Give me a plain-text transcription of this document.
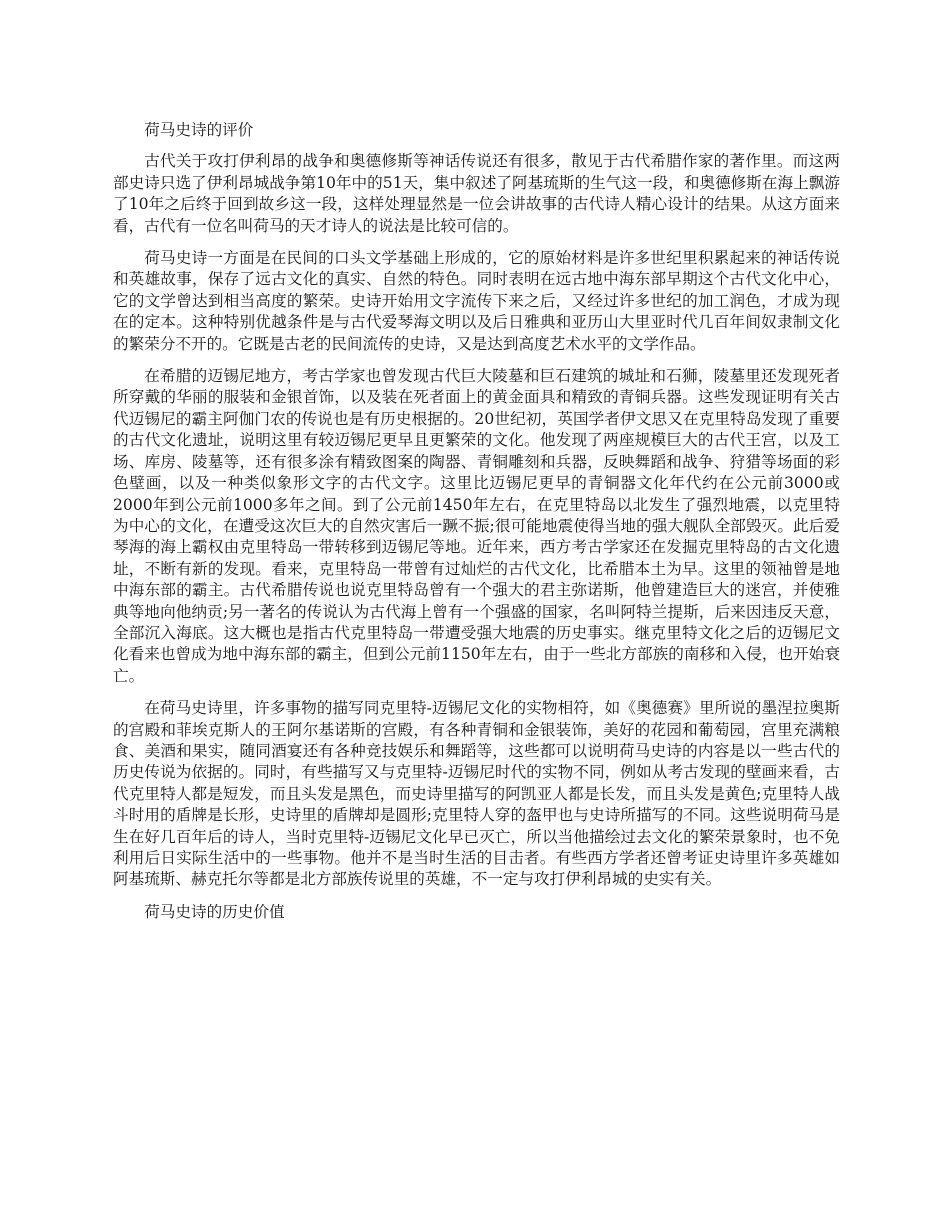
荷马史诗的评价

古代关于攻打伊利昂的战争和奥德修斯等神话传说还有很多，散见于古代希腊作家的著作里。而这两部史诗只选了伊利昂城战争第10年中的51天，集中叙述了阿基琉斯的生气这一段，和奥德修斯在海上飘游了10年之后终于回到故乡这一段，这样处理显然是一位会讲故事的古代诗人精心设计的结果。从这方面来看，古代有一位名叫荷马的天才诗人的说法是比较可信的。

荷马史诗一方面是在民间的口头文学基础上形成的，它的原始材料是许多世纪里积累起来的神话传说和英雄故事，保存了远古文化的真实、自然的特色。同时表明在远古地中海东部早期这个古代文化中心，它的文学曾达到相当高度的繁荣。史诗开始用文字流传下来之后，又经过许多世纪的加工润色，才成为现在的定本。这种特别优越条件是与古代爱琴海文明以及后日雅典和亚历山大里亚时代几百年间奴隶制文化的繁荣分不开的。它既是古老的民间流传的史诗，又是达到高度艺术水平的文学作品。

在希腊的迈锡尼地方，考古学家也曾发现古代巨大陵墓和巨石建筑的城址和石狮，陵墓里还发现死者所穿戴的华丽的服装和金银首饰，以及装在死者面上的黄金面具和精致的青铜兵器。这些发现证明有关古代迈锡尼的霸主阿伽门农的传说也是有历史根据的。20世纪初，英国学者伊文思又在克里特岛发现了重要的古代文化遗址，说明这里有较迈锡尼更早且更繁荣的文化。他发现了两座规模巨大的古代王宫，以及工场、库房、陵墓等，还有很多涂有精致图案的陶器、青铜雕刻和兵器，反映舞蹈和战争、狩猎等场面的彩色壁画，以及一种类似象形文字的古代文字。这里比迈锡尼更早的青铜器文化年代约在公元前3000或2000年到公元前1000多年之间。到了公元前1450年左右，在克里特岛以北发生了强烈地震，以克里特为中心的文化，在遭受这次巨大的自然灾害后一蹶不振;很可能地震使得当地的强大舰队全部毁灭。此后爱琴海的海上霸权由克里特岛一带转移到迈锡尼等地。近年来，西方考古学家还在发掘克里特岛的古文化遗址，不断有新的发现。看来，克里特岛一带曾有过灿烂的古代文化，比希腊本土为早。这里的领袖曾是地中海东部的霸主。古代希腊传说也说克里特岛曾有一个强大的君主弥诺斯，他曾建造巨大的迷宫，并使雅典等地向他纳贡;另一著名的传说认为古代海上曾有一个强盛的国家，名叫阿特兰提斯，后来因违反天意，全部沉入海底。这大概也是指古代克里特岛一带遭受强大地震的历史事实。继克里特文化之后的迈锡尼文化看来也曾成为地中海东部的霸主，但到公元前1150年左右，由于一些北方部族的南移和入侵，也开始衰亡。

在荷马史诗里，许多事物的描写同克里特-迈锡尼文化的实物相符，如《奥德赛》里所说的墨涅拉奥斯的宫殿和菲埃克斯人的王阿尔基诺斯的宫殿，有各种青铜和金银装饰，美好的花园和葡萄园，宫里充满粮食、美酒和果实，随同酒宴还有各种竞技娱乐和舞蹈等，这些都可以说明荷马史诗的内容是以一些古代的历史传说为依据的。同时，有些描写又与克里特-迈锡尼时代的实物不同，例如从考古发现的壁画来看，古代克里特人都是短发，而且头发是黑色，而史诗里描写的阿凯亚人都是长发，而且头发是黄色;克里特人战斗时用的盾牌是长形，史诗里的盾牌却是圆形;克里特人穿的盔甲也与史诗所描写的不同。这些说明荷马是生在好几百年后的诗人，当时克里特-迈锡尼文化早已灭亡，所以当他描绘过去文化的繁荣景象时，也不免利用后日实际生活中的一些事物。他并不是当时生活的目击者。有些西方学者还曾考证史诗里许多英雄如阿基琉斯、赫克托尔等都是北方部族传说里的英雄，不一定与攻打伊利昂城的史实有关。

荷马史诗的历史价值
